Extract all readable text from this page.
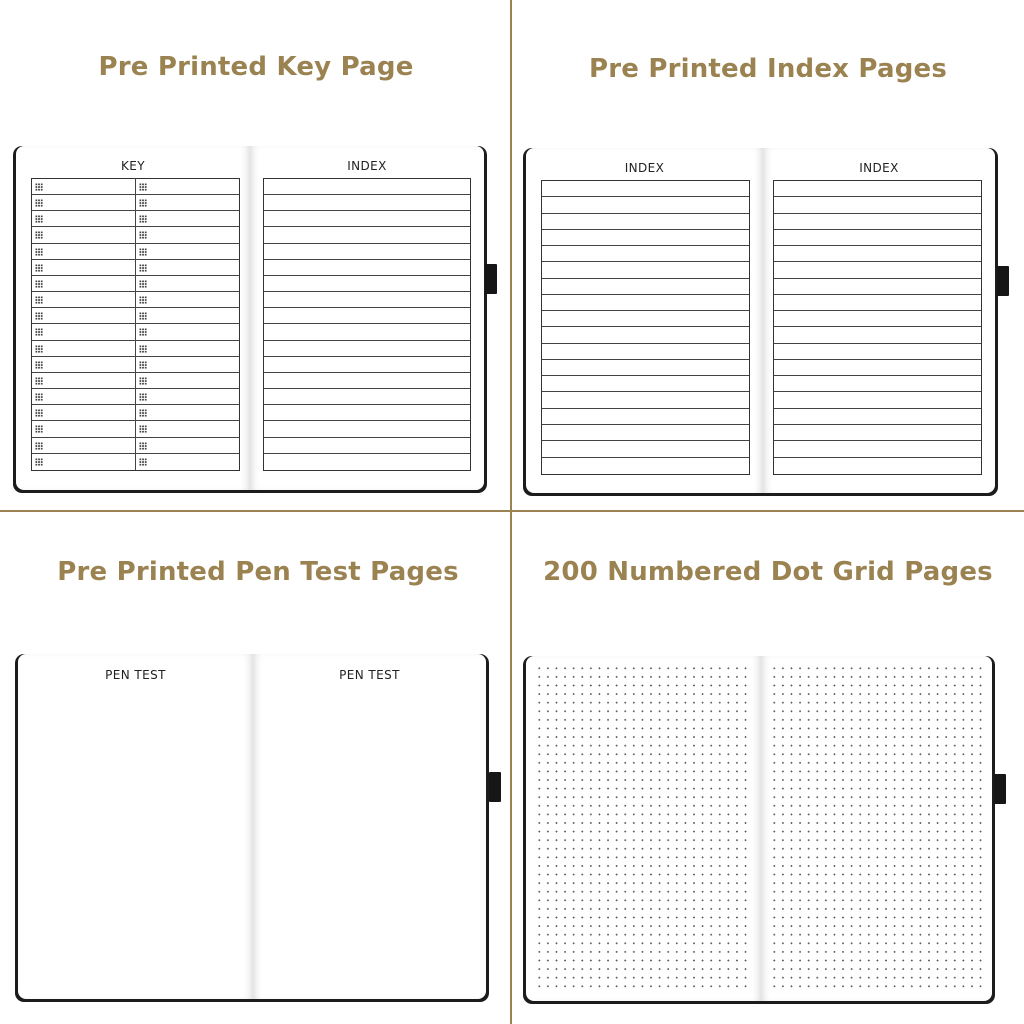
Pre Printed Key Page
KEY	INDEX
Pre Printed Index Pages
INDEX	INDEX
Pre Printed Pen Test Pages
PEN TEST	PEN TEST
200 Numbered Dot Grid Pages
